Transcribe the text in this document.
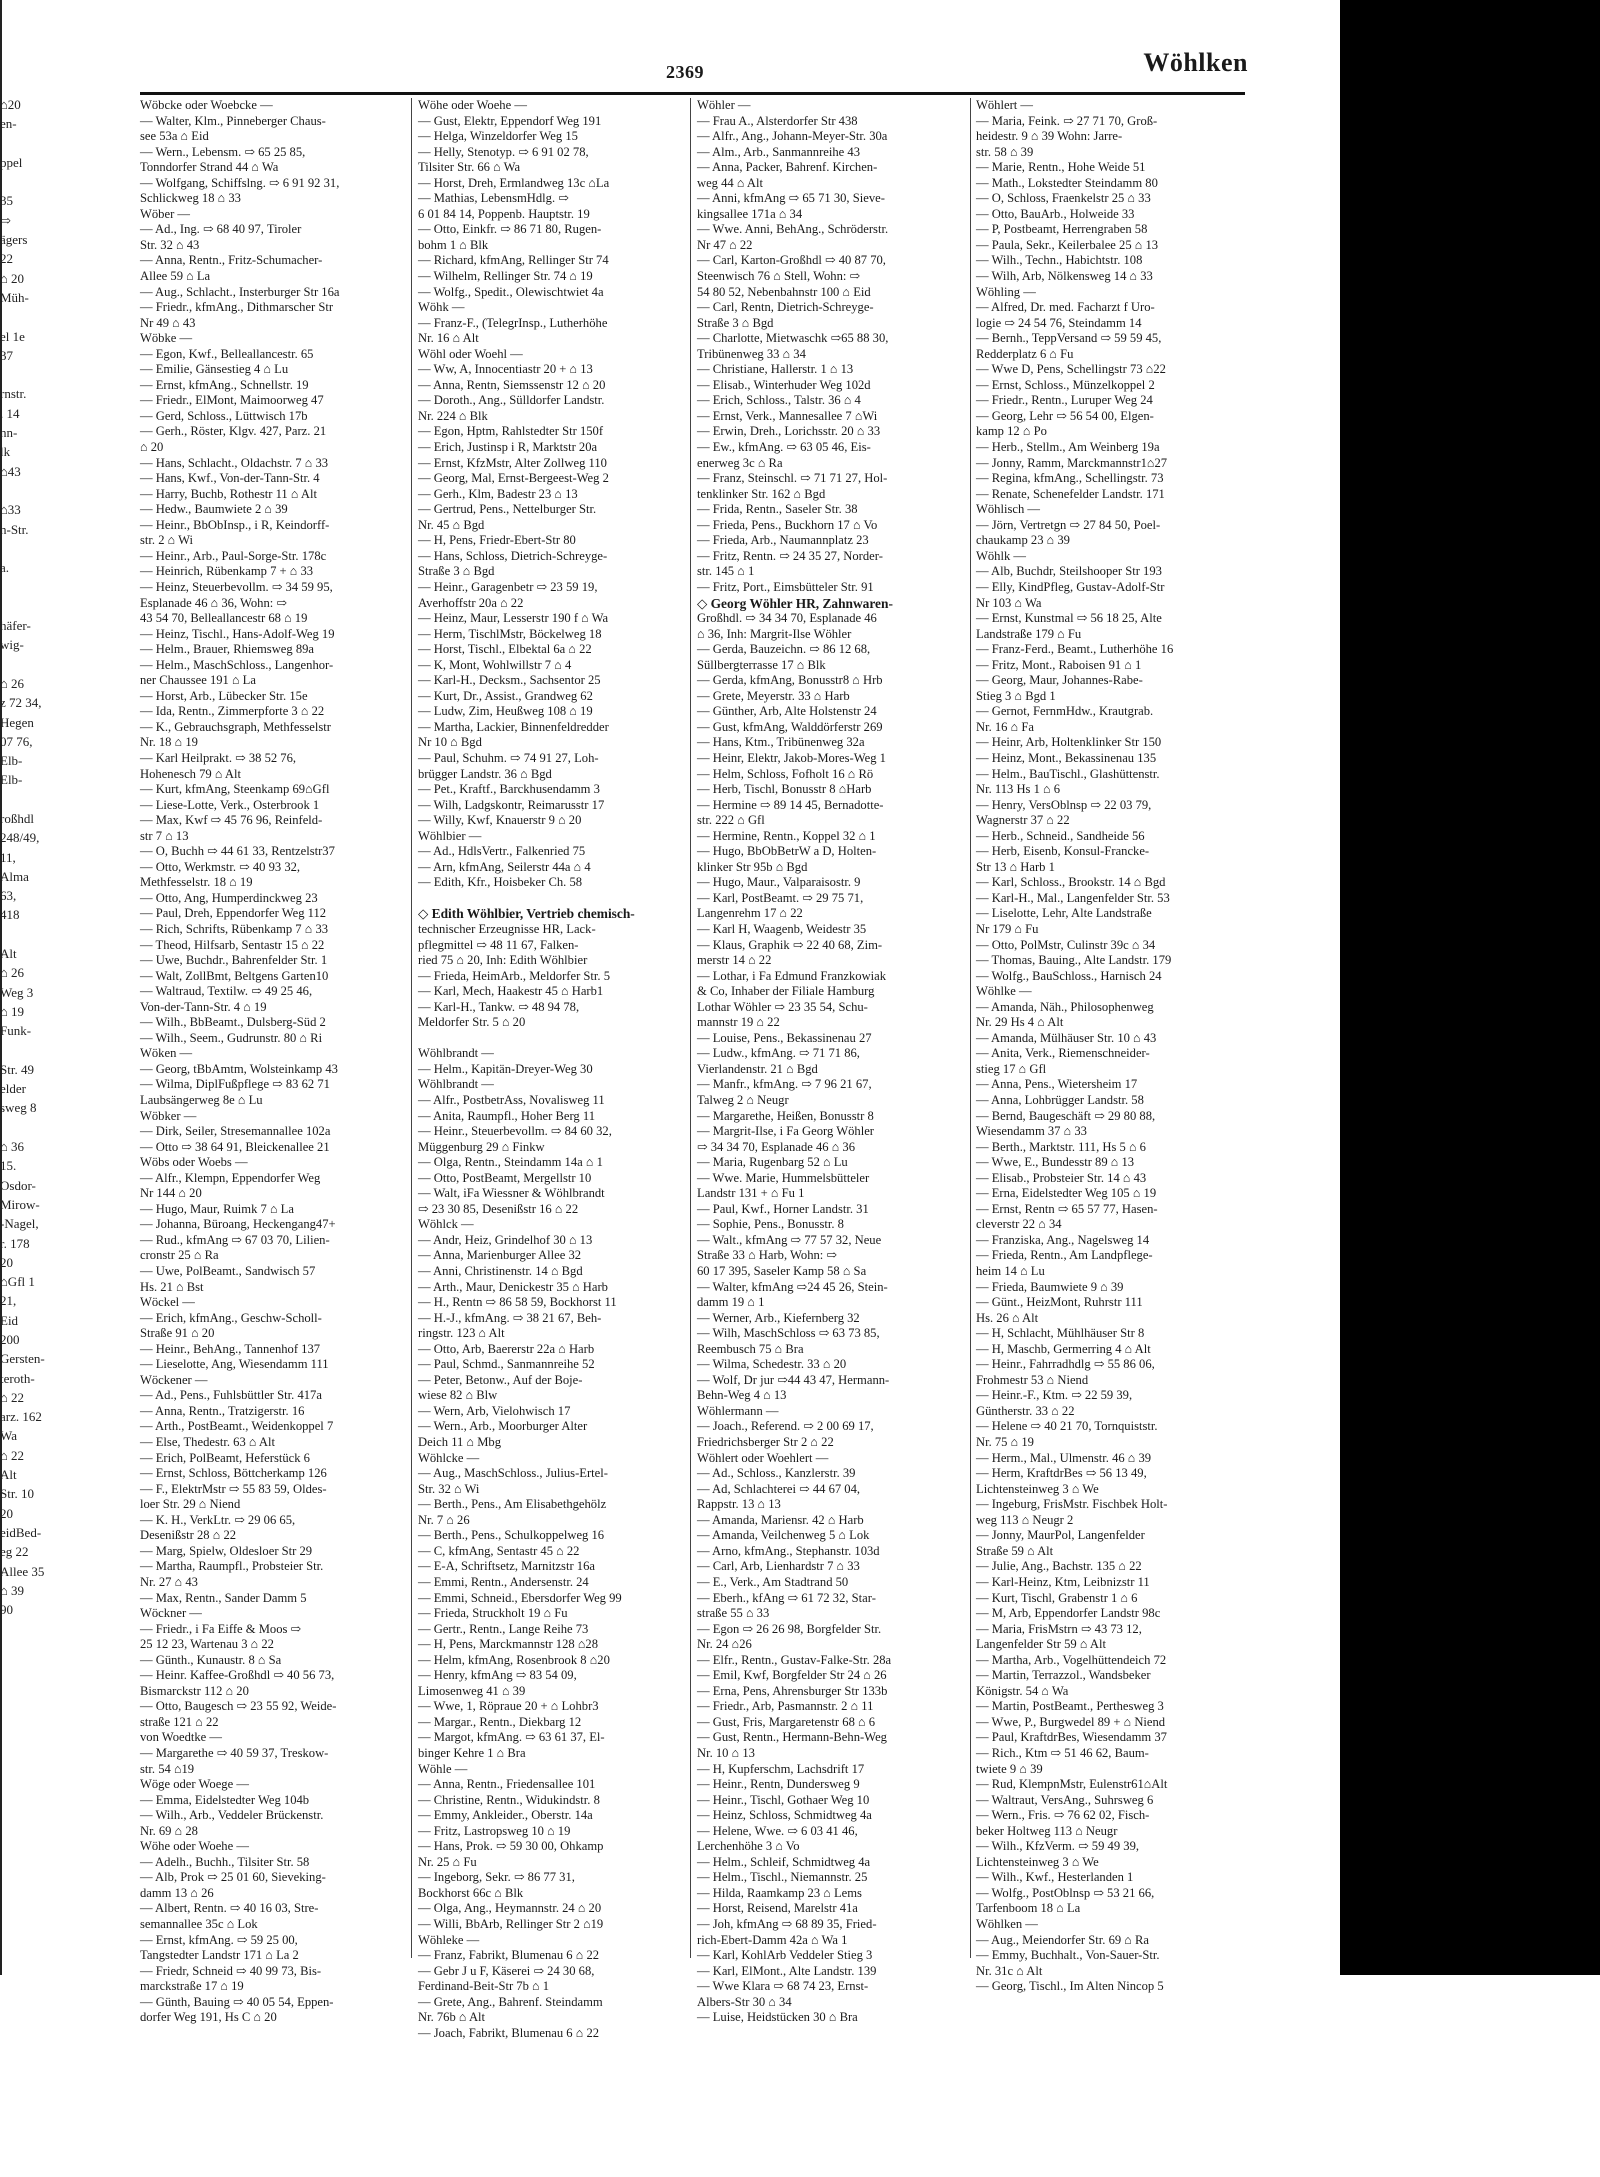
⌂20
en-
ppel
35
⇨
ägers
22
⌂ 20
Müh-
el 1e
37
rnstr.
. 14
nn-
lk
⌂43
⌂33
n-Str.
a.
häfer-
wig-
⌂ 26
z 72 34,
Hegen
07 76,
Elb-
Elb-
roßhdl
248/49,
11,
Alma
63,
418
Alt
⌂ 26
Weg 3
⌂ 19
Funk-
Str. 49
elder
sweg 8
⌂ 36
15.
Osdor-
Mirow-
-Nagel,
r. 178
20
⌂Gfl 1
21,
Eid
200
Gersten-
teroth-
⌂ 22
arz. 162
Wa
⌂ 22
Alt
Str. 10
20
eidBed-
eg 22
Allee 35
⌂ 39
90
2369	Wöhlken
Wöbcke oder Woebcke —
— Walter, Klm., Pinneberger Chaus-
see 53a ⌂ Eid
— Wern., Lebensm. ⇨ 65 25 85,
Tonndorfer Strand 44 ⌂ Wa
— Wolfgang, Schiffslng. ⇨ 6 91 92 31,
Schlickweg 18 ⌂ 33
Wöber —
— Ad., Ing. ⇨ 68 40 97, Tiroler
Str. 32 ⌂ 43
— Anna, Rentn., Fritz-Schumacher-
Allee 59 ⌂ La
— Aug., Schlacht., Insterburger Str 16a
— Friedr., kfmAng., Dithmarscher Str
Nr 49 ⌂ 43
Wöbke —
— Egon, Kwf., Belleallancestr. 65
— Emilie, Gänsestieg 4 ⌂ Lu
— Ernst, kfmAng., Schnellstr. 19
— Friedr., ElMont, Maimoorweg 47
— Gerd, Schloss., Lüttwisch 17b
— Gerh., Röster, Klgv. 427, Parz. 21
⌂ 20
— Hans, Schlacht., Oldachstr. 7 ⌂ 33
— Hans, Kwf., Von-der-Tann-Str. 4
— Harry, Buchb, Rothestr 11 ⌂ Alt
— Hedw., Baumwiete 2 ⌂ 39
— Heinr., BbObInsp., i R, Keindorff-
str. 2 ⌂ Wi
— Heinr., Arb., Paul-Sorge-Str. 178c
— Heinrich, Rübenkamp 7 + ⌂ 33
— Heinz, Steuerbevollm. ⇨ 34 59 95,
Esplanade 46 ⌂ 36, Wohn: ⇨
43 54 70, Belleallancestr 68 ⌂ 19
— Heinz, Tischl., Hans-Adolf-Weg 19
— Helm., Brauer, Rhiemsweg 89a
— Helm., MaschSchloss., Langenhor-
ner Chaussee 191 ⌂ La
— Horst, Arb., Lübecker Str. 15e
— Ida, Rentn., Zimmerpforte 3 ⌂ 22
— K., Gebrauchsgraph, Methfesselstr
Nr. 18 ⌂ 19
— Karl Heilprakt. ⇨ 38 52 76,
Hohenesch 79 ⌂ Alt
— Kurt, kfmAng, Steenkamp 69⌂Gfl
— Liese-Lotte, Verk., Osterbrook 1
— Max, Kwf ⇨ 45 76 96, Reinfeld-
str 7 ⌂ 13
— O, Buchh ⇨ 44 61 33, Rentzelstr37
— Otto, Werkmstr. ⇨ 40 93 32,
Methfesselstr. 18 ⌂ 19
— Otto, Ang, Humperdinckweg 23
— Paul, Dreh, Eppendorfer Weg 112
— Rich, Schrifts, Rübenkamp 7 ⌂ 33
— Theod, Hilfsarb, Sentastr 15 ⌂ 22
— Uwe, Buchdr., Bahrenfelder Str. 1
— Walt, ZollBmt, Beltgens Garten10
— Waltraud, Textilw. ⇨ 49 25 46,
Von-der-Tann-Str. 4 ⌂ 19
— Wilh., BbBeamt., Dulsberg-Süd 2
— Wilh., Seem., Gudrunstr. 80 ⌂ Ri
Wöken —
— Georg, tBbAmtm, Wolsteinkamp 43
— Wilma, DiplFußpflege ⇨ 83 62 71
Laubsängerweg 8e ⌂ Lu
Wöbker —
— Dirk, Seiler, Stresemannallee 102a
— Otto ⇨ 38 64 91, Bleickenallee 21
Wöbs oder Woebs —
— Alfr., Klempn, Eppendorfer Weg
Nr 144 ⌂ 20
— Hugo, Maur, Ruimk 7 ⌂ La
— Johanna, Büroang, Heckengang47+
— Rud., kfmAng ⇨ 67 03 70, Lilien-
cronstr 25 ⌂ Ra
— Uwe, PolBeamt., Sandwisch 57
Hs. 21 ⌂ Bst
Wöckel —
— Erich, kfmAng., Geschw-Scholl-
Straße 91 ⌂ 20
— Heinr., BehAng., Tannenhof 137
— Lieselotte, Ang, Wiesendamm 111
Wöckener —
— Ad., Pens., Fuhlsbüttler Str. 417a
— Anna, Rentn., Tratzigerstr. 16
— Arth., PostBeamt., Weidenkoppel 7
— Else, Thedestr. 63 ⌂ Alt
— Erich, PolBeamt, Heferstück 6
— Ernst, Schloss, Böttcherkamp 126
— F., ElektrMstr ⇨ 55 83 59, Oldes-
loer Str. 29 ⌂ Niend
— K. H., VerkLtr. ⇨ 29 06 65,
Desenißstr 28 ⌂ 22
— Marg, Spielw, Oldesloer Str 29
— Martha, Raumpfl., Probsteier Str.
Nr. 27 ⌂ 43
— Max, Rentn., Sander Damm 5
Wöckner —
— Friedr., i Fa Eiffe & Moos ⇨
25 12 23, Wartenau 3 ⌂ 22
— Günth., Kunaustr. 8 ⌂ Sa
— Heinr. Kaffee-Großhdl ⇨ 40 56 73,
Bismarckstr 112 ⌂ 20
— Otto, Baugesch ⇨ 23 55 92, Weide-
straße 121 ⌂ 22
von Woedtke —
— Margarethe ⇨ 40 59 37, Treskow-
str. 54 ⌂19
Wöge oder Woege —
— Emma, Eidelstedter Weg 104b
— Wilh., Arb., Veddeler Brückenstr.
Nr. 69 ⌂ 28
Wöhe oder Woehe —
— Adelh., Buchh., Tilsiter Str. 58
— Alb, Prok ⇨ 25 01 60, Sieveking-
damm 13 ⌂ 26
— Albert, Rentn. ⇨ 40 16 03, Stre-
semannallee 35c ⌂ Lok
— Ernst, kfmAng. ⇨ 59 25 00,
Tangstedter Landstr 171 ⌂ La 2
— Friedr, Schneid ⇨ 40 99 73, Bis-
marckstraße 17 ⌂ 19
— Günth, Bauing ⇨ 40 05 54, Eppen-
dorfer Weg 191, Hs C ⌂ 20
Wöhe oder Woehe —
— Gust, Elektr, Eppendorf Weg 191
— Helga, Winzeldorfer Weg 15
— Helly, Stenotyp. ⇨ 6 91 02 78,
Tilsiter Str. 66 ⌂ Wa
— Horst, Dreh, Ermlandweg 13c ⌂La
— Mathias, LebensmHdlg. ⇨
6 01 84 14, Poppenb. Hauptstr. 19
— Otto, Einkfr. ⇨ 86 71 80, Rugen-
bohm 1 ⌂ Blk
— Richard, kfmAng, Rellinger Str 74
— Wilhelm, Rellinger Str. 74 ⌂ 19
— Wolfg., Spedit., Olewischtwiet 4a
Wöhk —
— Franz-F., (TelegrInsp., Lutherhöhe
Nr. 16 ⌂ Alt
Wöhl oder Woehl —
— Ww, A, Innocentiastr 20 + ⌂ 13
— Anna, Rentn, Siemssenstr 12 ⌂ 20
— Doroth., Ang., Sülldorfer Landstr.
Nr. 224 ⌂ Blk
— Egon, Hptm, Rahlstedter Str 150f
— Erich, Justinsp i R, Marktstr 20a
— Ernst, KfzMstr, Alter Zollweg 110
— Georg, Mal, Ernst-Bergeest-Weg 2
— Gerh., Klm, Badestr 23 ⌂ 13
— Gertrud, Pens., Nettelburger Str.
Nr. 45 ⌂ Bgd
— H, Pens, Friedr-Ebert-Str 80
— Hans, Schloss, Dietrich-Schreyge-
Straße 3 ⌂ Bgd
— Heinr., Garagenbetr ⇨ 23 59 19,
Averhoffstr 20a ⌂ 22
— Heinz, Maur, Lesserstr 190 f ⌂ Wa
— Herm, TischlMstr, Böckelweg 18
— Horst, Tischl., Elbektal 6a ⌂ 22
— K, Mont, Wohlwillstr 7 ⌂ 4
— Karl-H., Decksm., Sachsentor 25
— Kurt, Dr., Assist., Grandweg 62
— Ludw, Zim, Heußweg 108 ⌂ 19
— Martha, Lackier, Binnenfeldredder
Nr 10 ⌂ Bgd
— Paul, Schuhm. ⇨ 74 91 27, Loh-
brügger Landstr. 36 ⌂ Bgd
— Pet., Kraftf., Barckhusendamm 3
— Wilh, Ladgskontr, Reimarusstr 17
— Willy, Kwf, Knauerstr 9 ⌂ 20
Wöhlbier —
— Ad., HdlsVertr., Falkenried 75
— Arn, kfmAng, Seilerstr 44a ⌂ 4
— Edith, Kfr., Hoisbeker Ch. 58
◇ Edith Wöhlbier, Vertrieb chemisch-
technischer Erzeugnisse HR, Lack-
pflegmittel ⇨ 48 11 67, Falken-
ried 75 ⌂ 20, Inh: Edith Wöhlbier
— Frieda, HeimArb., Meldorfer Str. 5
— Karl, Mech, Haakestr 45 ⌂ Harb1
— Karl-H., Tankw. ⇨ 48 94 78,
Meldorfer Str. 5 ⌂ 20
Wöhlbrandt —
— Helm., Kapitän-Dreyer-Weg 30
Wöhlbrandt —
— Alfr., PostbetrAss, Novalisweg 11
— Anita, Raumpfl., Hoher Berg 11
— Heinr., Steuerbevollm. ⇨ 84 60 32,
Müggenburg 29 ⌂ Finkw
— Olga, Rentn., Steindamm 14a ⌂ 1
— Otto, PostBeamt, Mergellstr 10
— Walt, iFa Wiessner & Wöhlbrandt
⇨ 23 30 85, Desenißstr 16 ⌂ 22
Wöhlck —
— Andr, Heiz, Grindelhof 30 ⌂ 13
— Anna, Marienburger Allee 32
— Anni, Christinenstr. 14 ⌂ Bgd
— Arth., Maur, Denickestr 35 ⌂ Harb
— H., Rentn ⇨ 86 58 59, Bockhorst 11
— H.-J., kfmAng. ⇨ 38 21 67, Beh-
ringstr. 123 ⌂ Alt
— Otto, Arb, Baererstr 22a ⌂ Harb
— Paul, Schmd., Sanmannreihe 52
— Peter, Betonw., Auf der Boje-
wiese 82 ⌂ Blw
— Wern, Arb, Vielohwisch 17
— Wern., Arb., Moorburger Alter
Deich 11 ⌂ Mbg
Wöhlcke —
— Aug., MaschSchloss., Julius-Ertel-
Str. 32 ⌂ Wi
— Berth., Pens., Am Elisabethgehölz
Nr. 7 ⌂ 26
— Berth., Pens., Schulkoppelweg 16
— C, kfmAng, Sentastr 45 ⌂ 22
— E-A, Schriftsetz, Marnitzstr 16a
— Emmi, Rentn., Andersenstr. 24
— Emmi, Schneid., Ebersdorfer Weg 99
— Frieda, Struckholt 19 ⌂ Fu
— Gertr., Rentn., Lange Reihe 73
— H, Pens, Marckmannstr 128 ⌂28
— Helm, kfmAng, Rosenbrook 8 ⌂20
— Henry, kfmAng ⇨ 83 54 09,
Limosenweg 41 ⌂ 39
— Wwe, 1, Röpraue 20 + ⌂ Lohbr3
— Margar., Rentn., Diekbarg 12
— Margot, kfmAng. ⇨ 63 61 37, El-
binger Kehre 1 ⌂ Bra
Wöhle —
— Anna, Rentn., Friedensallee 101
— Christine, Rentn., Widukindstr. 8
— Emmy, Ankleider., Oberstr. 14a
— Fritz, Lastropsweg 10 ⌂ 19
— Hans, Prok. ⇨ 59 30 00, Ohkamp
Nr. 25 ⌂ Fu
— Ingeborg, Sekr. ⇨ 86 77 31,
Bockhorst 66c ⌂ Blk
— Olga, Ang., Heymannstr. 24 ⌂ 20
— Willi, BbArb, Rellinger Str 2 ⌂19
Wöhleke —
— Franz, Fabrikt, Blumenau 6 ⌂ 22
— Gebr J u F, Käserei ⇨ 24 30 68,
Ferdinand-Beit-Str 7b ⌂ 1
— Grete, Ang., Bahrenf. Steindamm
Nr. 76b ⌂ Alt
— Joach, Fabrikt, Blumenau 6 ⌂ 22
Wöhler —
— Frau A., Alsterdorfer Str 438
— Alfr., Ang., Johann-Meyer-Str. 30a
— Alm., Arb., Sanmannreihe 43
— Anna, Packer, Bahrenf. Kirchen-
weg 44 ⌂ Alt
— Anni, kfmAng ⇨ 65 71 30, Sieve-
kingsallee 171a ⌂ 34
— Wwe. Anni, BehAng., Schröderstr.
Nr 47 ⌂ 22
— Carl, Karton-Großhdl ⇨ 40 87 70,
Steenwisch 76 ⌂ Stell, Wohn: ⇨
54 80 52, Nebenbahnstr 100 ⌂ Eid
— Carl, Rentn, Dietrich-Schreyge-
Straße 3 ⌂ Bgd
— Charlotte, Mietwaschk ⇨65 88 30,
Tribünenweg 33 ⌂ 34
— Christiane, Hallerstr. 1 ⌂ 13
— Elisab., Winterhuder Weg 102d
— Erich, Schloss., Talstr. 36 ⌂ 4
— Ernst, Verk., Mannesallee 7 ⌂Wi
— Erwin, Dreh., Lorichsstr. 20 ⌂ 33
— Ew., kfmAng. ⇨ 63 05 46, Eis-
enerweg 3c ⌂ Ra
— Franz, Steinschl. ⇨ 71 71 27, Hol-
tenklinker Str. 162 ⌂ Bgd
— Frida, Rentn., Saseler Str. 38
— Frieda, Pens., Buckhorn 17 ⌂ Vo
— Frieda, Arb., Naumannplatz 23
— Fritz, Rentn. ⇨ 24 35 27, Norder-
str. 145 ⌂ 1
— Fritz, Port., Eimsbütteler Str. 91
◇ Georg Wöhler HR, Zahnwaren-
Großhdl. ⇨ 34 34 70, Esplanade 46
⌂ 36, Inh: Margrit-Ilse Wöhler
— Gerda, Bauzeichn. ⇨ 86 12 68,
Süllbergterrasse 17 ⌂ Blk
— Gerda, kfmAng, Bonusstr8 ⌂ Hrb
— Grete, Meyerstr. 33 ⌂ Harb
— Günther, Arb, Alte Holstenstr 24
— Gust, kfmAng, Walddörferstr 269
— Hans, Ktm., Tribünenweg 32a
— Heinr, Elektr, Jakob-Mores-Weg 1
— Helm, Schloss, Fofholt 16 ⌂ Rö
— Herb, Tischl, Bonusstr 8 ⌂Harb
— Hermine ⇨ 89 14 45, Bernadotte-
str. 222 ⌂ Gfl
— Hermine, Rentn., Koppel 32 ⌂ 1
— Hugo, BbObBetrW a D, Holten-
klinker Str 95b ⌂ Bgd
— Hugo, Maur., Valparaisostr. 9
— Karl, PostBeamt. ⇨ 29 75 71,
Langenrehm 17 ⌂ 22
— Karl H, Waagenb, Weidestr 35
— Klaus, Graphik ⇨ 22 40 68, Zim-
merstr 14 ⌂ 22
— Lothar, i Fa Edmund Franzkowiak
& Co, Inhaber der Filiale Hamburg
Lothar Wöhler ⇨ 23 35 54, Schu-
mannstr 19 ⌂ 22
— Louise, Pens., Bekassinenau 27
— Ludw., kfmAng. ⇨ 71 71 86,
Vierlandenstr. 21 ⌂ Bgd
— Manfr., kfmAng. ⇨ 7 96 21 67,
Talweg 2 ⌂ Neugr
— Margarethe, Heißen, Bonusstr 8
— Margrit-Ilse, i Fa Georg Wöhler
⇨ 34 34 70, Esplanade 46 ⌂ 36
— Maria, Rugenbarg 52 ⌂ Lu
— Wwe. Marie, Hummelsbütteler
Landstr 131 + ⌂ Fu 1
— Paul, Kwf., Horner Landstr. 31
— Sophie, Pens., Bonusstr. 8
— Walt., kfmAng ⇨ 77 57 32, Neue
Straße 33 ⌂ Harb, Wohn: ⇨
60 17 395, Saseler Kamp 58 ⌂ Sa
— Walter, kfmAng ⇨24 45 26, Stein-
damm 19 ⌂ 1
— Werner, Arb., Kiefernberg 32
— Wilh, MaschSchloss ⇨ 63 73 85,
Reembusch 75 ⌂ Bra
— Wilma, Schedestr. 33 ⌂ 20
— Wolf, Dr jur ⇨44 43 47, Hermann-
Behn-Weg 4 ⌂ 13
Wöhlermann —
— Joach., Referend. ⇨ 2 00 69 17,
Friedrichsberger Str 2 ⌂ 22
Wöhlert oder Woehlert —
— Ad., Schloss., Kanzlerstr. 39
— Ad, Schlachterei ⇨ 44 67 04,
Rappstr. 13 ⌂ 13
— Amanda, Mariensr. 42 ⌂ Harb
— Amanda, Veilchenweg 5 ⌂ Lok
— Arno, kfmAng., Stephanstr. 103d
— Carl, Arb, Lienhardstr 7 ⌂ 33
— E., Verk., Am Stadtrand 50
— Eberh., kfAng ⇨ 61 72 32, Star-
straße 55 ⌂ 33
— Egon ⇨ 26 26 98, Borgfelder Str.
Nr. 24 ⌂26
— Elfr., Rentn., Gustav-Falke-Str. 28a
— Emil, Kwf, Borgfelder Str 24 ⌂ 26
— Erna, Pens, Ahrensburger Str 133b
— Friedr., Arb, Pasmannstr. 2 ⌂ 11
— Gust, Fris, Margaretenstr 68 ⌂ 6
— Gust, Rentn., Hermann-Behn-Weg
Nr. 10 ⌂ 13
— H, Kupferschm, Lachsdrift 17
— Heinr., Rentn, Dundersweg 9
— Heinr., Tischl, Gothaer Weg 10
— Heinz, Schloss, Schmidtweg 4a
— Helene, Wwe. ⇨ 6 03 41 46,
Lerchenhöhe 3 ⌂ Vo
— Helm., Schleif, Schmidtweg 4a
— Helm., Tischl., Niemannstr. 25
— Hilda, Raamkamp 23 ⌂ Lems
— Horst, Reisend, Marelstr 41a
— Joh, kfmAng ⇨ 68 89 35, Fried-
rich-Ebert-Damm 42a ⌂ Wa 1
— Karl, KohlArb Veddeler Stieg 3
— Karl, ElMont., Alte Landstr. 139
— Wwe Klara ⇨ 68 74 23, Ernst-
Albers-Str 30 ⌂ 34
— Luise, Heidstücken 30 ⌂ Bra
Wöhlert —
— Maria, Feink. ⇨ 27 71 70, Groß-
heidestr. 9 ⌂ 39 Wohn: Jarre-
str. 58 ⌂ 39
— Marie, Rentn., Hohe Weide 51
— Math., Lokstedter Steindamm 80
— O, Schloss, Fraenkelstr 25 ⌂ 33
— Otto, BauArb., Holweide 33
— P, Postbeamt, Herrengraben 58
— Paula, Sekr., Keilerbalee 25 ⌂ 13
— Wilh., Techn., Habichtstr. 108
— Wilh, Arb, Nölkensweg 14 ⌂ 33
Wöhling —
— Alfred, Dr. med. Facharzt f Uro-
logie ⇨ 24 54 76, Steindamm 14
— Bernh., TeppVersand ⇨ 59 59 45,
Redderplatz 6 ⌂ Fu
— Wwe D, Pens, Schellingstr 73 ⌂22
— Ernst, Schloss., Münzelkoppel 2
— Friedr., Rentn., Luruper Weg 24
— Georg, Lehr ⇨ 56 54 00, Elgen-
kamp 12 ⌂ Po
— Herb., Stellm., Am Weinberg 19a
— Jonny, Ramm, Marckmannstr1⌂27
— Regina, kfmAng., Schellingstr. 73
— Renate, Schenefelder Landstr. 171
Wöhlisch —
— Jörn, Vertretgn ⇨ 27 84 50, Poel-
chaukamp 23 ⌂ 39
Wöhlk —
— Alb, Buchdr, Steilshooper Str 193
— Elly, KindPfleg, Gustav-Adolf-Str
Nr 103 ⌂ Wa
— Ernst, Kunstmal ⇨ 56 18 25, Alte
Landstraße 179 ⌂ Fu
— Franz-Ferd., Beamt., Lutherhöhe 16
— Fritz, Mont., Raboisen 91 ⌂ 1
— Georg, Maur, Johannes-Rabe-
Stieg 3 ⌂ Bgd 1
— Gernot, FernmHdw., Krautgrab.
Nr. 16 ⌂ Fa
— Heinr, Arb, Holtenklinker Str 150
— Heinz, Mont., Bekassinenau 135
— Helm., BauTischl., Glashüttenstr.
Nr. 113 Hs 1 ⌂ 6
— Henry, VersOblnsp ⇨ 22 03 79,
Wagnerstr 37 ⌂ 22
— Herb., Schneid., Sandheide 56
— Herb, Eisenb, Konsul-Francke-
Str 13 ⌂ Harb 1
— Karl, Schloss., Brookstr. 14 ⌂ Bgd
— Karl-H., Mal., Langenfelder Str. 53
— Liselotte, Lehr, Alte Landstraße
Nr 179 ⌂ Fu
— Otto, PolMstr, Culinstr 39c ⌂ 34
— Thomas, Bauing., Alte Landstr. 179
— Wolfg., BauSchloss., Harnisch 24
Wöhlke —
— Amanda, Näh., Philosophenweg
Nr. 29 Hs 4 ⌂ Alt
— Amanda, Mülhäuser Str. 10 ⌂ 43
— Anita, Verk., Riemenschneider-
stieg 17 ⌂ Gfl
— Anna, Pens., Wietersheim 17
— Anna, Lohbrügger Landstr. 58
— Bernd, Baugeschäft ⇨ 29 80 88,
Wiesendamm 37 ⌂ 33
— Berth., Marktstr. 111, Hs 5 ⌂ 6
— Wwe, E., Bundesstr 89 ⌂ 13
— Elisab., Probsteier Str. 14 ⌂ 43
— Erna, Eidelstedter Weg 105 ⌂ 19
— Ernst, Rentn ⇨ 65 57 77, Hasen-
cleverstr 22 ⌂ 34
— Franziska, Ang., Nagelsweg 14
— Frieda, Rentn., Am Landpflege-
heim 14 ⌂ Lu
— Frieda, Baumwiete 9 ⌂ 39
— Günt., HeizMont, Ruhrstr 111
Hs. 26 ⌂ Alt
— H, Schlacht, Mühlhäuser Str 8
— H, Maschb, Germerring 4 ⌂ Alt
— Heinr., Fahrradhdlg ⇨ 55 86 06,
Frohmestr 53 ⌂ Niend
— Heinr.-F., Ktm. ⇨ 22 59 39,
Güntherstr. 33 ⌂ 22
— Helene ⇨ 40 21 70, Tornquiststr.
Nr. 75 ⌂ 19
— Herm., Mal., Ulmenstr. 46 ⌂ 39
— Herm, KraftdrBes ⇨ 56 13 49,
Lichtensteinweg 3 ⌂ We
— Ingeburg, FrisMstr. Fischbek Holt-
weg 113 ⌂ Neugr 2
— Jonny, MaurPol, Langenfelder
Straße 59 ⌂ Alt
— Julie, Ang., Bachstr. 135 ⌂ 22
— Karl-Heinz, Ktm, Leibnizstr 11
— Kurt, Tischl, Grabenstr 1 ⌂ 6
— M, Arb, Eppendorfer Landstr 98c
— Maria, FrisMstrn ⇨ 43 73 12,
Langenfelder Str 59 ⌂ Alt
— Martha, Arb., Vogelhüttendeich 72
— Martin, Terrazzol., Wandsbeker
Königstr. 54 ⌂ Wa
— Martin, PostBeamt., Perthesweg 3
— Wwe, P., Burgwedel 89 + ⌂ Niend
— Paul, KraftdrBes, Wiesendamm 37
— Rich., Ktm ⇨ 51 46 62, Baum-
twiete 9 ⌂ 39
— Rud, KlempnMstr, Eulenstr61⌂Alt
— Waltraut, VersAng., Suhrsweg 6
— Wern., Fris. ⇨ 76 62 02, Fisch-
beker Holtweg 113 ⌂ Neugr
— Wilh., KfzVerm. ⇨ 59 49 39,
Lichtensteinweg 3 ⌂ We
— Wilh., Kwf., Hesterlanden 1
— Wolfg., PostOblnsp ⇨ 53 21 66,
Tarfenboom 18 ⌂ La
Wöhlken —
— Aug., Meiendorfer Str. 69 ⌂ Ra
— Emmy, Buchhalt., Von-Sauer-Str.
Nr. 31c ⌂ Alt
— Georg, Tischl., Im Alten Nincop 5
